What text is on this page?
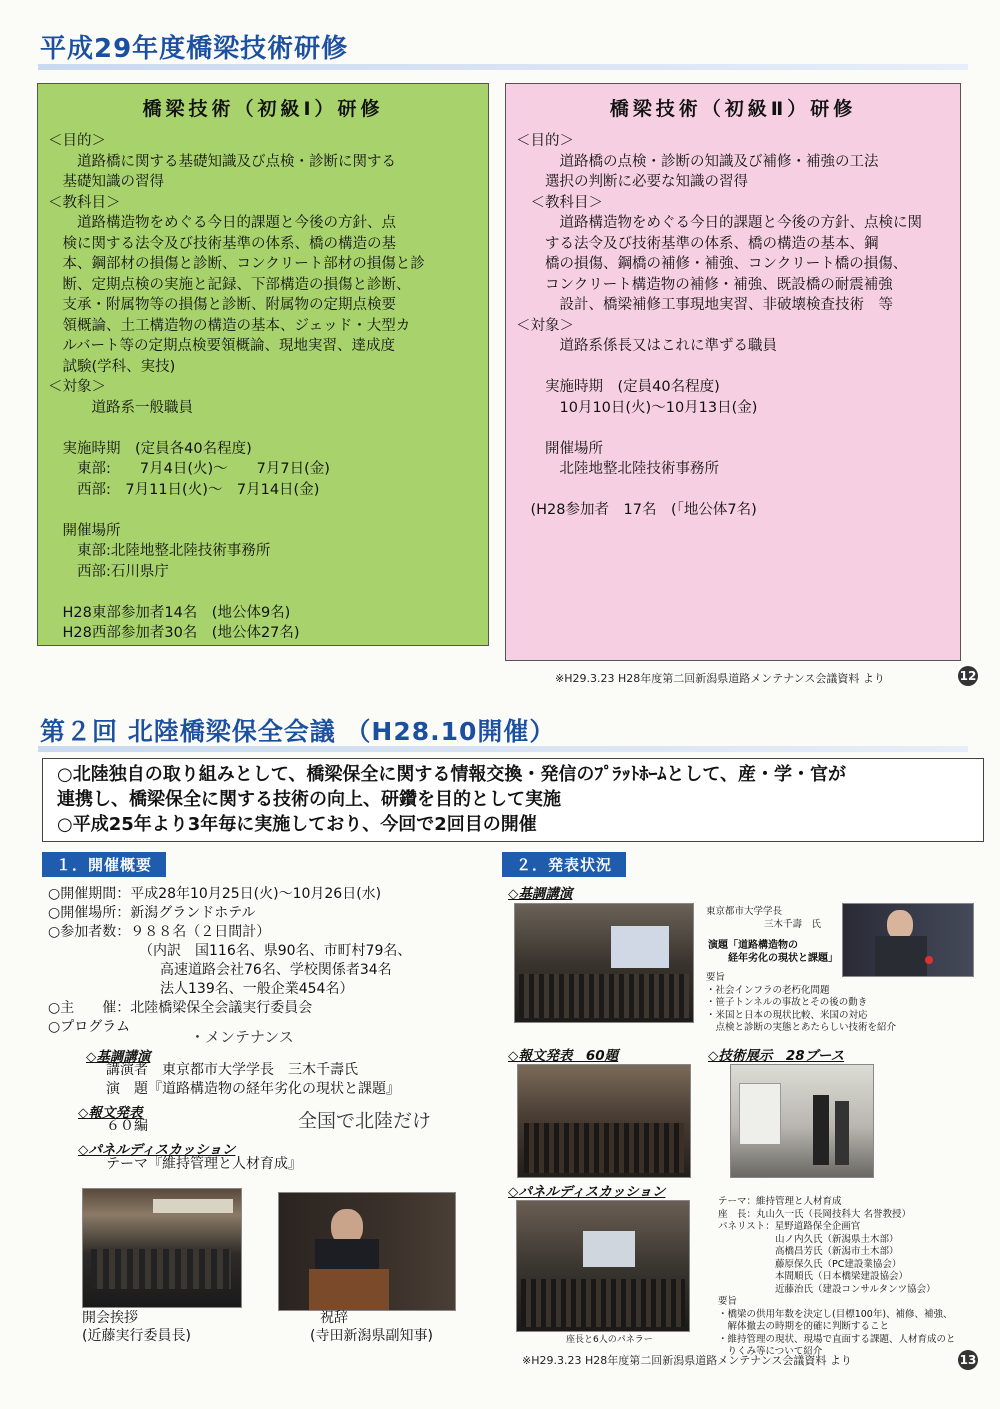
平成29年度橋梁技術研修
橋梁技術（初級Ⅰ）研修
＜目的＞
　　道路橋に関する基礎知識及び点検・診断に関する
　基礎知識の習得
＜教科目＞
　　道路構造物をめぐる今日的課題と今後の方針、点
　検に関する法令及び技術基準の体系、橋の構造の基
　本、鋼部材の損傷と診断、コンクリート部材の損傷と診
　断、定期点検の実施と記録、下部構造の損傷と診断、
　支承・附属物等の損傷と診断、附属物の定期点検要
　領概論、土工構造物の構造の基本、ジェッド・大型カ
　ルバート等の定期点検要領概論、現地実習、達成度
　試験(学科、実技)
＜対象＞
　　　道路系一般職員

　実施時期　(定員各40名程度)
　　東部:　　7月4日(火)～　　7月7日(金)
　　西部:　7月11日(火)～　7月14日(金)

　開催場所
　　東部:北陸地整北陸技術事務所
　　西部:石川県庁

　H28東部参加者14名　(地公体9名)
　H28西部参加者30名　(地公体27名)
橋梁技術（初級Ⅱ）研修
＜目的＞
　　　道路橋の点検・診断の知識及び補修・補強の工法
　　選択の判断に必要な知識の習得
　＜教科目＞
　　　道路構造物をめぐる今日的課題と今後の方針、点検に関
　　する法令及び技術基準の体系、橋の構造の基本、鋼
　　橋の損傷、鋼橋の補修・補強、コンクリート橋の損傷、
　　コンクリート構造物の補修・補強、既設橋の耐震補強
　　　設計、橋梁補修工事現地実習、非破壊検査技術　等
＜対象＞
　　　道路系係長又はこれに準ずる職員

　　実施時期　(定員40名程度)
　　　10月10日(火)～10月13日(金)

　　開催場所
　　　北陸地整北陸技術事務所

　(H28参加者　17名　(「地公体7名)
※H29.3.23 H28年度第二回新潟県道路メンテナンス会議資料 より	12
第２回 北陸橋梁保全会議 （H28.10開催）
○北陸独自の取り組みとして、橋梁保全に関する情報交換・発信のﾌﾟﾗｯﾄﾎｰﾑとして、産・学・官が
連携し、橋梁保全に関する技術の向上、研鑽を目的として実施
○平成25年より3年毎に実施しており、今回で2回目の開催
１．開催概要
○開催期間：平成28年10月25日(火)～10月26日(水)
○開催場所：新潟グランドホテル
○参加者数：９８８名（２日間計）
　　　　　　　（内訳　国116名、県90名、市町村79名、
　　　　　　　　高速道路会社76名、学校関係者34名
　　　　　　　　法人139名、一般企業454名）
○主　　催：北陸橋梁保全会議実行委員会
○プログラム
◇基調講演
講演者　東京都市大学学長　三木千壽氏
演　題『道路構造物の経年劣化の現状と課題』
◇報文発表
６０編
◇パネルディスカッション
テーマ『維持管理と人材育成』
・メンテナンス
全国で北陸だけ
開会挨拶
(近藤実行委員長)
祝辞
(寺田新潟県副知事)
２．発表状況
◇基調講演
東京都市大学学長
三木千壽　氏
演題「道路構造物の
　　経年劣化の現状と課題」
要旨
・社会インフラの老朽化問題
・笹子トンネルの事故とその後の動き
・米国と日本の現状比較、米国の対応
　点検と診断の実態とあたらしい技術を紹介
◇報文発表　60題	◇技術展示　28ブース
◇パネルディスカッション
座長と6人のパネラー
テーマ：維持管理と人材育成
座　長：丸山久一氏（長岡技科大 名誉教授）
パネリスト：星野道路保全企画官
　　　　　　山ノ内久氏（新潟県土木部）
　　　　　　高橋昌芳氏（新潟市土木部）
　　　　　　藤原保久氏（PC建設業協会）
　　　　　　本間順氏（日本橋梁建設協会）
　　　　　　近藤治氏（建設コンサルタンツ協会）
要旨
・橋梁の供用年数を決定し(目標100年)、補修、補強、
　解体撤去の時期を的確に判断すること
・維持管理の現状、現場で直面する課題、人材育成のと
　りくみ等について紹介
※H29.3.23 H28年度第二回新潟県道路メンテナンス会議資料 より	13
